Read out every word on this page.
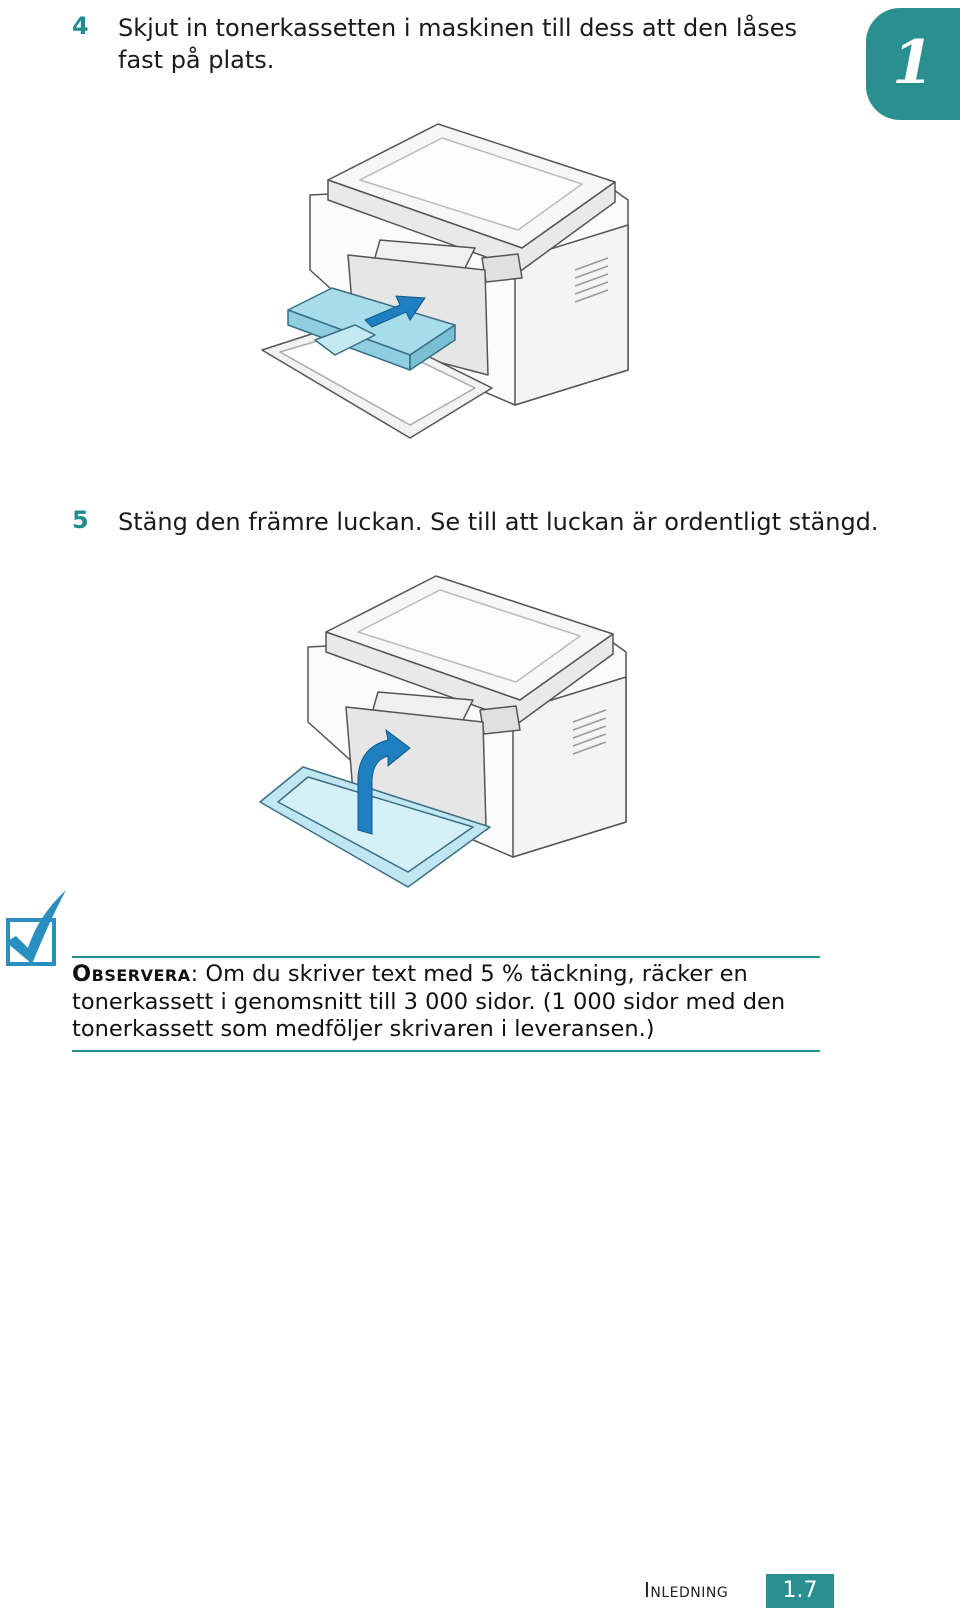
1
4 Skjut in tonerkassetten i maskinen till dess att den låses
fast på plats.
5 Stäng den främre luckan. Se till att luckan är ordentligt stängd.
Observera: Om du skriver text med 5 % täckning, räcker en
tonerkassett i genomsnitt till 3 000 sidor. (1 000 sidor med den
tonerkassett som medföljer skrivaren i leveransen.)
Inledning	1.7
